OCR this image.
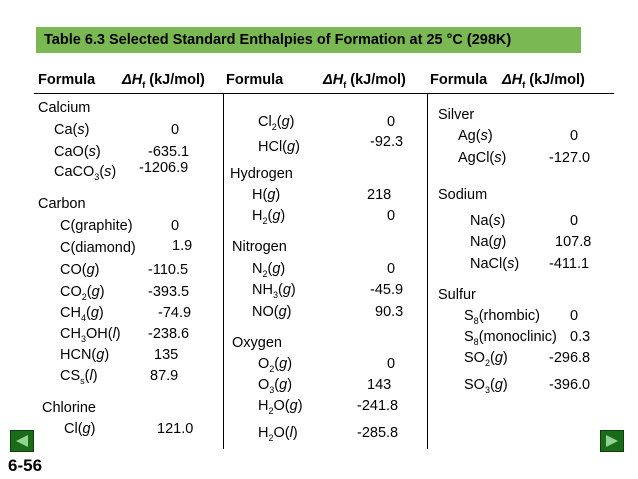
Table 6.3 Selected Standard Enthalpies of Formation at 25 °C (298K)
Formula $\Delta H_f$ (kJ/mol) Formula	$\Delta H_f$ (kJ/mol) Formula $\Delta H_f$ (kJ/mol)
Calcium
Ca(s)	0
CaO(s)	-635.1
CaCO$_3$(s) -1206.9
Carbon
C(graphite)	0
C(diamond)	1.9
CO(g)	-110.5
$CO_2(g)$	-393.5
$CH_4(g)$	-74.9
$CH_3OH(l)$ -238.6
HCN(g)	135
$CS_s(l)$	87.9
Chlorine
Cl(g)	121.0
$Cl_2(g)$	0
HCl(g)	-92.3
Hydrogen
H(g)	218
$H_2(g)$	0
Nitrogen
$N_2(g)$	0
$NH_3(g)$	-45.9
NO(g)	90.3
Oxygen
$O_2(g)$	0
$O_3(g)$	143
$H_2O(g)$	-241.8
$H_2O(l)$	-285.8
Silver
Ag(s)	0
AgCl(s)	-127.0
Sodium
Na(s)	0
Na(g)	107.8
NaCl(s) -411.1
Sulfur
$S_8(rhombic)$ 0
$S_8(monoclinic)$ 0.3
$SO_2(g)$	-296.8
$SO_3(g)$	-396.0
6-56
